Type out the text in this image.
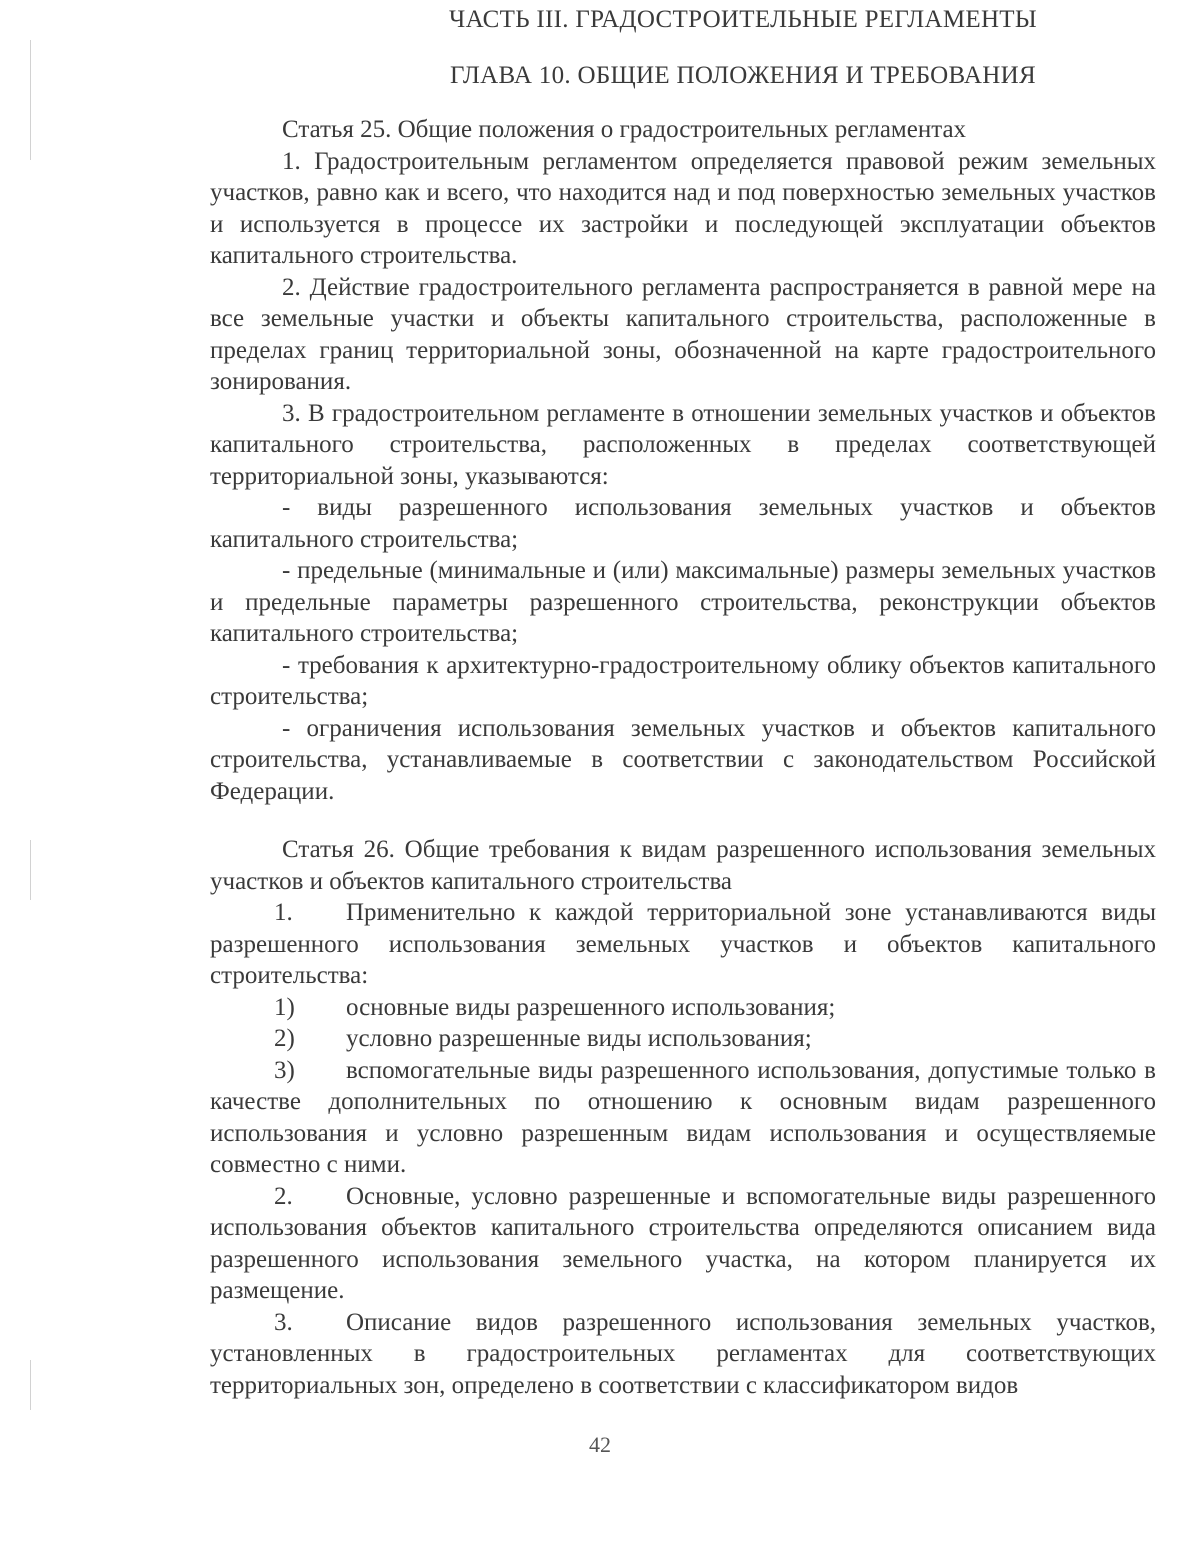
ЧАСТЬ III. ГРАДОСТРОИТЕЛЬНЫЕ РЕГЛАМЕНТЫ

ГЛАВА 10. ОБЩИЕ ПОЛОЖЕНИЯ И ТРЕБОВАНИЯ

Статья 25. Общие положения о градостроительных регламентах

1. Градостроительным регламентом определяется правовой режим земельных участков, равно как и всего, что находится над и под поверхностью земельных участков и используется в процессе их застройки и последующей эксплуатации объектов капитального строительства.

2. Действие градостроительного регламента распространяется в равной мере на все земельные участки и объекты капитального строительства, расположенные в пределах границ территориальной зоны, обозначенной на карте градостроительного зонирования.

3. В градостроительном регламенте в отношении земельных участков и объектов капитального строительства, расположенных в пределах соответствующей территориальной зоны, указываются:

- виды разрешенного использования земельных участков и объектов капитального строительства;

- предельные (минимальные и (или) максимальные) размеры земельных участков и предельные параметры разрешенного строительства, реконструкции объектов капитального строительства;

- требования к архитектурно-градостроительному облику объектов капитального строительства;

- ограничения использования земельных участков и объектов капитального строительства, устанавливаемые в соответствии с законодательством Российской Федерации.

Статья 26. Общие требования к видам разрешенного использования земельных участков и объектов капитального строительства

1. Применительно к каждой территориальной зоне устанавливаются виды разрешенного использования земельных участков и объектов капитального строительства:

1) основные виды разрешенного использования;

2) условно разрешенные виды использования;

3) вспомогательные виды разрешенного использования, допустимые только в качестве дополнительных по отношению к основным видам разрешенного использования и условно разрешенным видам использования и осуществляемые совместно с ними.

2. Основные, условно разрешенные и вспомогательные виды разрешенного использования объектов капитального строительства определяются описанием вида разрешенного использования земельного участка, на котором планируется их размещение.

3. Описание видов разрешенного использования земельных участков, установленных в градостроительных регламентах для соответствующих территориальных зон, определено в соответствии с классификатором видов

42
